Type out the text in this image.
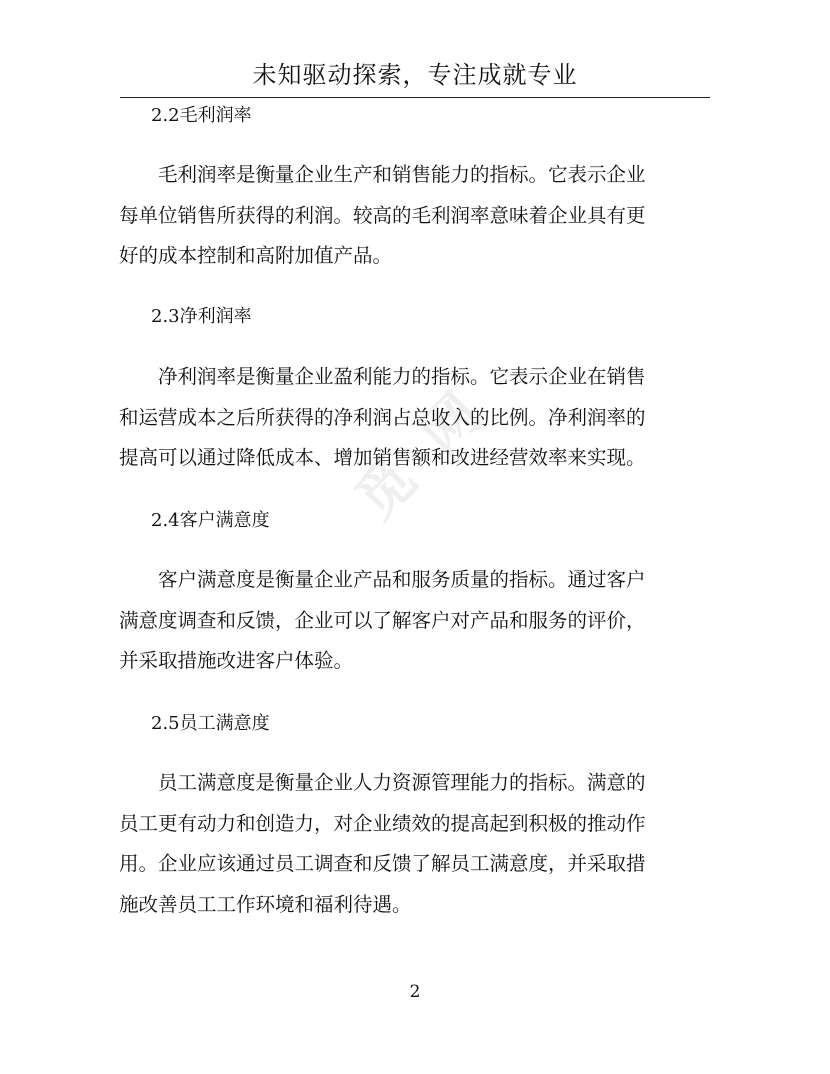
未知驱动探索，专注成就专业
觅 网
2.2毛利润率
　　毛利润率是衡量企业生产和销售能力的指标。它表示企业
每单位销售所获得的利润。较高的毛利润率意味着企业具有更
好的成本控制和高附加值产品。
2.3净利润率
　　净利润率是衡量企业盈利能力的指标。它表示企业在销售
和运营成本之后所获得的净利润占总收入的比例。净利润率的
提高可以通过降低成本、增加销售额和改进经营效率来实现。
2.4客户满意度
　　客户满意度是衡量企业产品和服务质量的指标。通过客户
满意度调查和反馈，企业可以了解客户对产品和服务的评价，
并采取措施改进客户体验。
2.5员工满意度
　　员工满意度是衡量企业人力资源管理能力的指标。满意的
员工更有动力和创造力，对企业绩效的提高起到积极的推动作
用。企业应该通过员工调查和反馈了解员工满意度，并采取措
施改善员工工作环境和福利待遇。
2
